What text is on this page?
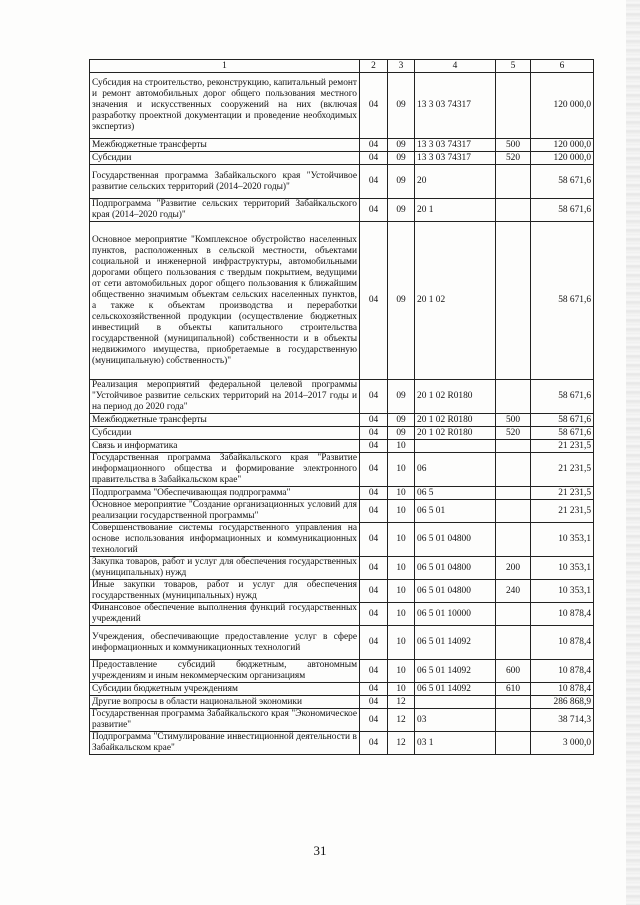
1	2	3	4	5	6
Субсидия на строительство, реконструкцию, капитальный ремонт и ремонт автомобильных дорог общего пользования местного значения и искусственных сооружений на них (включая разработку проектной документации и проведение необходимых экспертиз)	04	09	13 3 03 74317		120 000,0
Межбюджетные трансферты	04	09	13 3 03 74317	500	120 000,0
Субсидии	04	09	13 3 03 74317	520	120 000,0
Государственная программа Забайкальского края "Устойчивое развитие сельских территорий (2014–2020 годы)"	04	09	20		58 671,6
Подпрограмма "Развитие сельских территорий Забайкальского края (2014–2020 годы)"	04	09	20 1		58 671,6
Основное мероприятие "Комплексное обустройство населенных пунктов, расположенных в сельской местности, объектами социальной и инженерной инфраструктуры, автомобильными дорогами общего пользования с твердым покрытием, ведущими от сети автомобильных дорог общего пользования к ближайшим общественно значимым объектам сельских населенных пунктов, а также к объектам производства и переработки сельскохозяйственной продукции (осуществление бюджетных инвестиций в объекты капитального строительства государственной (муниципальной) собственности и в объекты недвижимого имущества, приобретаемые в государственную (муниципальную) собственность)"	04	09	20 1 02		58 671,6
Реализация мероприятий федеральной целевой программы "Устойчивое развитие сельских территорий на 2014–2017 годы и на период до 2020 года"	04	09	20 1 02 R0180		58 671,6
Межбюджетные трансферты	04	09	20 1 02 R0180	500	58 671,6
Субсидии	04	09	20 1 02 R0180	520	58 671,6
Связь и информатика	04	10			21 231,5
Государственная программа Забайкальского края "Развитие информационного общества и формирование электронного правительства в Забайкальском крае"	04	10	06		21 231,5
Подпрограмма "Обеспечивающая подпрограмма"	04	10	06 5		21 231,5
Основное мероприятие "Создание организационных условий для реализации государственной программы"	04	10	06 5 01		21 231,5
Совершенствование системы государственного управления на основе использования информационных и коммуникационных технологий	04	10	06 5 01 04800		10 353,1
Закупка товаров, работ и услуг для обеспечения государственных (муниципальных) нужд	04	10	06 5 01 04800	200	10 353,1
Иные закупки товаров, работ и услуг для обеспечения государственных (муниципальных) нужд	04	10	06 5 01 04800	240	10 353,1
Финансовое обеспечение выполнения функций государственных учреждений	04	10	06 5 01 10000		10 878,4
Учреждения, обеспечивающие предоставление услуг в сфере информационных и коммуникационных технологий	04	10	06 5 01 14092		10 878,4
Предоставление субсидий бюджетным, автономным учреждениям и иным некоммерческим организациям	04	10	06 5 01 14092	600	10 878,4
Субсидии бюджетным учреждениям	04	10	06 5 01 14092	610	10 878,4
Другие вопросы в области национальной экономики	04	12			286 868,9
Государственная программа Забайкальского края "Экономическое развитие"	04	12	03		38 714,3
Подпрограмма "Стимулирование инвестиционной деятельности в Забайкальском крае"	04	12	03 1		3 000,0
31
